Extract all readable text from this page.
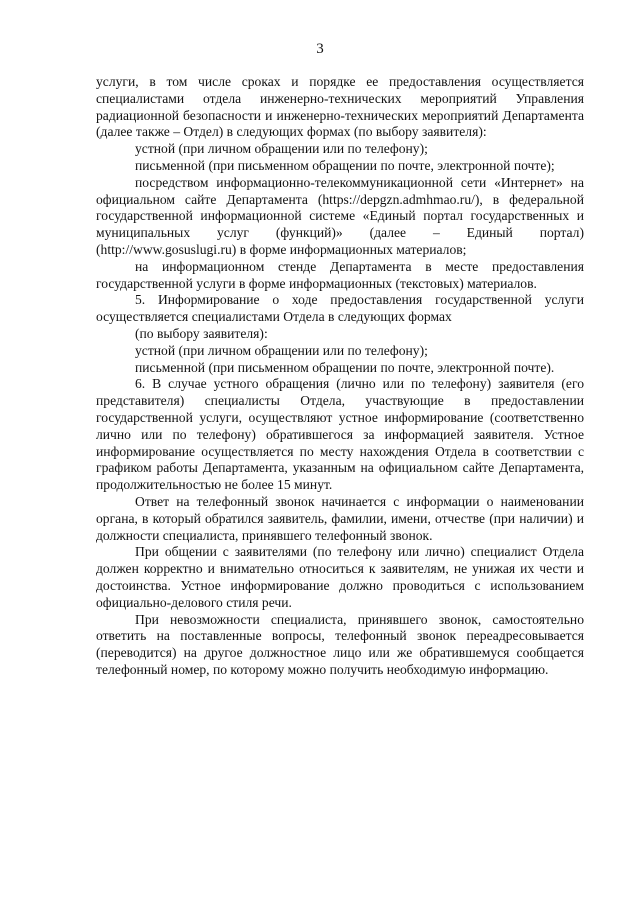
3

услуги, в том числе сроках и порядке ее предоставления осуществляется специалистами отдела инженерно-технических мероприятий Управления радиационной безопасности и инженерно-технических мероприятий Департамента (далее также – Отдел) в следующих формах (по выбору заявителя):

устной (при личном обращении или по телефону);

письменной (при письменном обращении по почте, электронной почте);

посредством информационно-телекоммуникационной сети «Интернет» на официальном сайте Департамента (https://depgzn.admhmao.ru/), в федеральной государственной информационной системе «Единый портал государственных и муниципальных услуг (функций)» (далее – Единый портал) (http://www.gosuslugi.ru) в форме информационных материалов;

на информационном стенде Департамента в месте предоставления государственной услуги в форме информационных (текстовых) материалов.

5. Информирование о ходе предоставления государственной услуги осуществляется специалистами Отдела в следующих формах

(по выбору заявителя):

устной (при личном обращении или по телефону);

письменной (при письменном обращении по почте, электронной почте).

6. В случае устного обращения (лично или по телефону) заявителя (его представителя) специалисты Отдела, участвующие в предоставлении государственной услуги, осуществляют устное информирование (соответственно лично или по телефону) обратившегося за информацией заявителя. Устное информирование осуществляется по месту нахождения Отдела в соответствии с графиком работы Департамента, указанным на официальном сайте Департамента, продолжительностью не более 15 минут.

Ответ на телефонный звонок начинается с информации о наименовании органа, в который обратился заявитель, фамилии, имени, отчестве (при наличии) и должности специалиста, принявшего телефонный звонок.

При общении с заявителями (по телефону или лично) специалист Отдела должен корректно и внимательно относиться к заявителям, не унижая их чести и достоинства. Устное информирование должно проводиться с использованием официально-делового стиля речи.

При невозможности специалиста, принявшего звонок, самостоятельно ответить на поставленные вопросы, телефонный звонок переадресовывается (переводится) на другое должностное лицо или же обратившемуся сообщается телефонный номер, по которому можно получить необходимую информацию.
